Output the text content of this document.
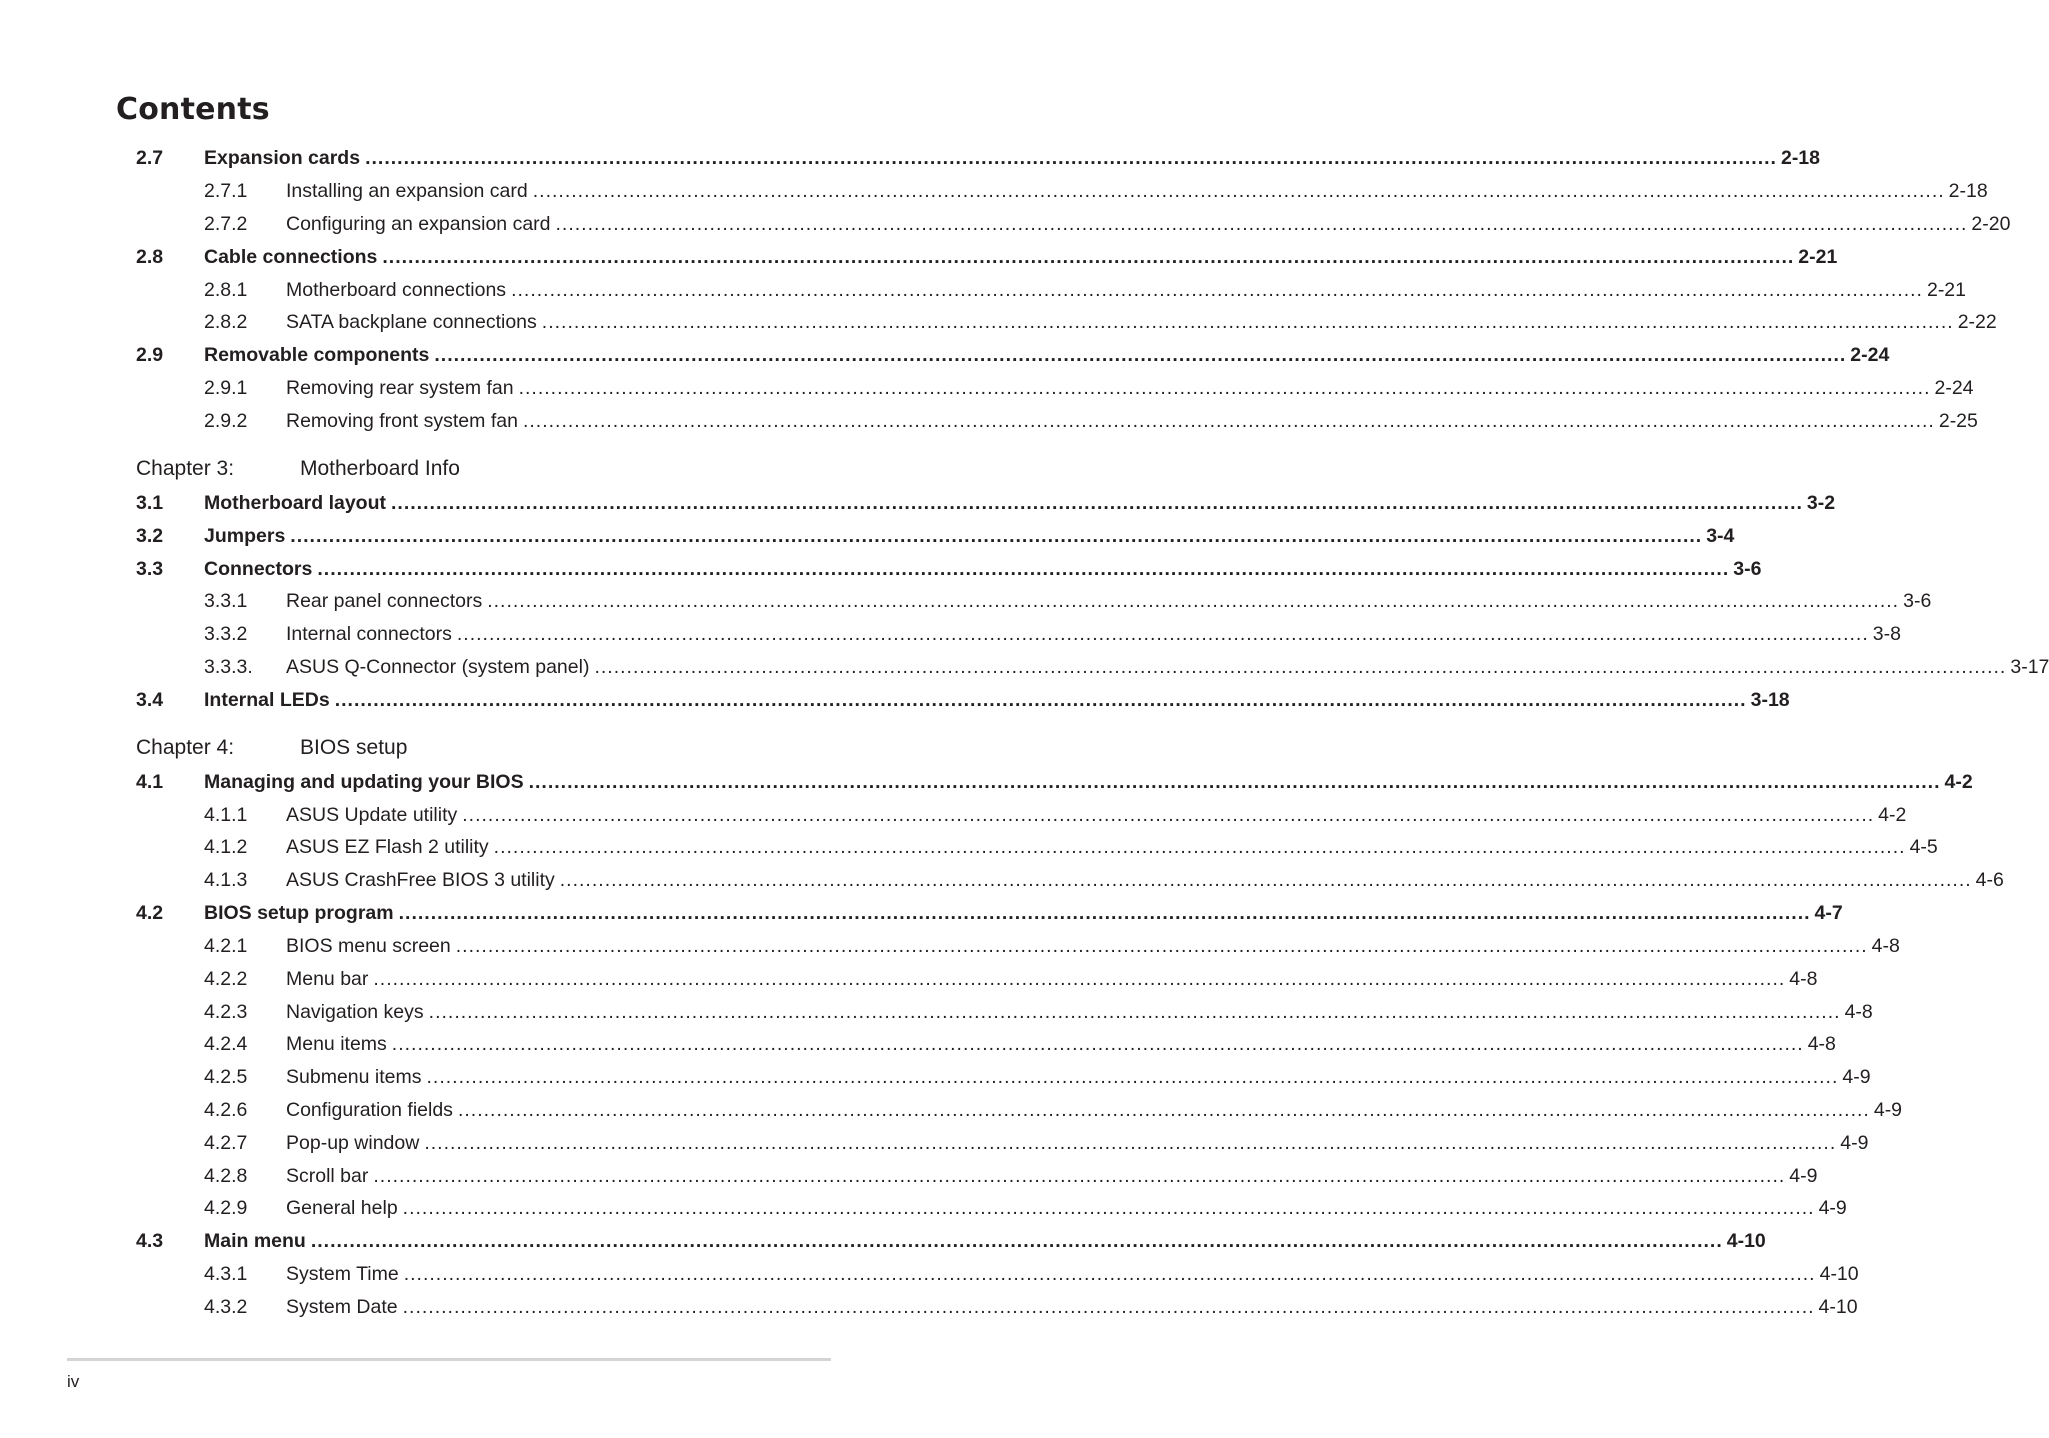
Contents
2.7	Expansion cards ............................................................................................................................................................................................................................ 2-18
2.7.1	Installing an expansion card ............................................................................................................................................................................................................................ 2-18
2.7.2	Configuring an expansion card ............................................................................................................................................................................................................................ 2-20
2.8	Cable connections ............................................................................................................................................................................................................................ 2-21
2.8.1	Motherboard connections ............................................................................................................................................................................................................................ 2-21
2.8.2	SATA backplane connections ............................................................................................................................................................................................................................ 2-22
2.9	Removable components ............................................................................................................................................................................................................................ 2-24
2.9.1	Removing rear system fan ............................................................................................................................................................................................................................ 2-24
2.9.2	Removing front system fan ............................................................................................................................................................................................................................ 2-25
Chapter 3:	Motherboard Info
3.1	Motherboard layout ............................................................................................................................................................................................................................ 3-2
3.2	Jumpers ............................................................................................................................................................................................................................ 3-4
3.3	Connectors ............................................................................................................................................................................................................................ 3-6
3.3.1	Rear panel connectors ............................................................................................................................................................................................................................ 3-6
3.3.2	Internal connectors ............................................................................................................................................................................................................................ 3-8
3.3.3.	ASUS Q-Connector (system panel) ............................................................................................................................................................................................................................ 3-17
3.4	Internal LEDs ............................................................................................................................................................................................................................ 3-18
Chapter 4:	BIOS setup
4.1	Managing and updating your BIOS ............................................................................................................................................................................................................................ 4-2
4.1.1	ASUS Update utility ............................................................................................................................................................................................................................ 4-2
4.1.2	ASUS EZ Flash 2 utility ............................................................................................................................................................................................................................ 4-5
4.1.3	ASUS CrashFree BIOS 3 utility ............................................................................................................................................................................................................................ 4-6
4.2	BIOS setup program ............................................................................................................................................................................................................................ 4-7
4.2.1	BIOS menu screen ............................................................................................................................................................................................................................ 4-8
4.2.2	Menu bar ............................................................................................................................................................................................................................ 4-8
4.2.3	Navigation keys ............................................................................................................................................................................................................................ 4-8
4.2.4	Menu items ............................................................................................................................................................................................................................ 4-8
4.2.5	Submenu items ............................................................................................................................................................................................................................ 4-9
4.2.6	Configuration fields ............................................................................................................................................................................................................................ 4-9
4.2.7	Pop-up window ............................................................................................................................................................................................................................ 4-9
4.2.8	Scroll bar ............................................................................................................................................................................................................................ 4-9
4.2.9	General help ............................................................................................................................................................................................................................ 4-9
4.3	Main menu ............................................................................................................................................................................................................................ 4-10
4.3.1	System Time ............................................................................................................................................................................................................................ 4-10
4.3.2	System Date ............................................................................................................................................................................................................................ 4-10
iv
